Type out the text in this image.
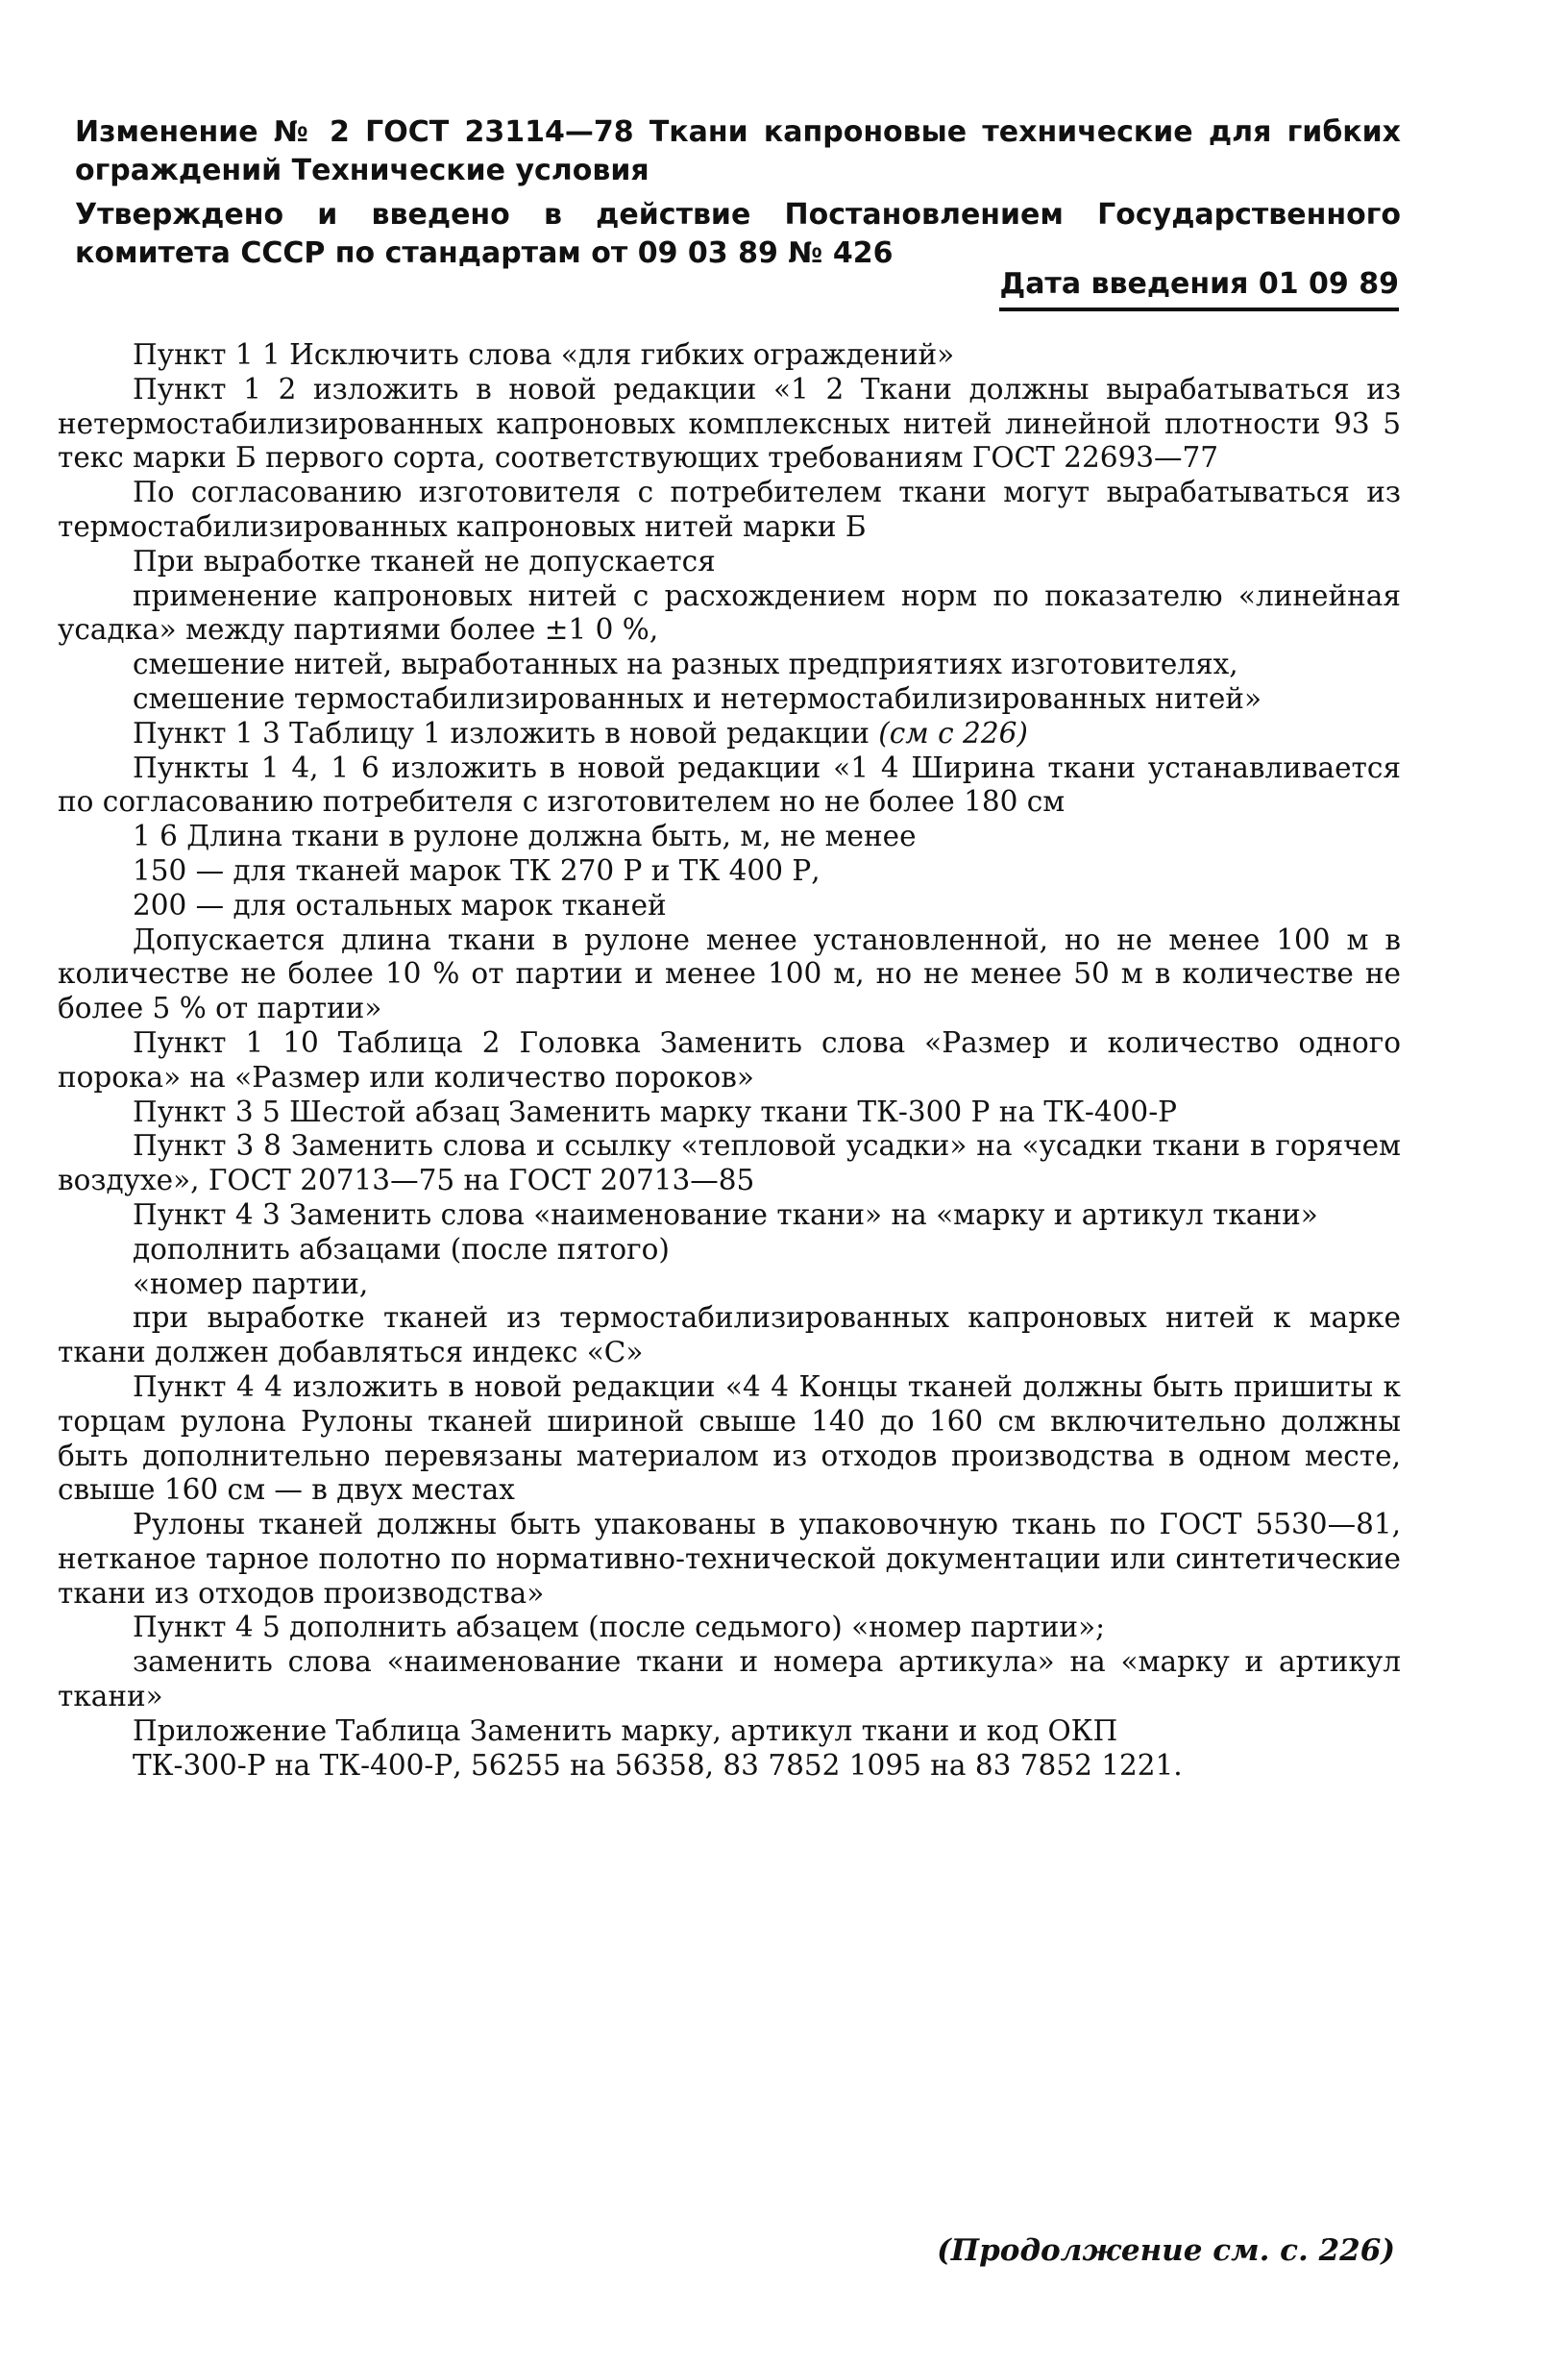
Изменение № 2 ГОСТ 23114—78 Ткани капроновые технические для гибких ограждений Технические условия
Утверждено и введено в действие Постановлением Государственного комитета СССР по стандартам от 09 03 89 № 426
Дата введения 01 09 89

Пункт 1 1 Исключить слова «для гибких ограждений»

Пункт 1 2 изложить в новой редакции «1 2 Ткани должны вырабатываться из нетермостабилизированных капроновых комплексных нитей линейной плотности 93 5 текс марки Б первого сорта, соответствующих требованиям ГОСТ 22693—77

По согласованию изготовителя с потребителем ткани могут вырабатываться из термостабилизированных капроновых нитей марки Б

При выработке тканей не допускается

применение капроновых нитей с расхождением норм по показателю «линейная усадка» между партиями более ±1 0 %,

смешение нитей, выработанных на разных предприятиях изготовителях,

смешение термостабилизированных и нетермостабилизированных нитей»

Пункт 1 3 Таблицу 1 изложить в новой редакции (см с 226)

Пункты 1 4, 1 6 изложить в новой редакции «1 4 Ширина ткани устанавливается по согласованию потребителя с изготовителем но не более 180 см

1 6 Длина ткани в рулоне должна быть, м, не менее

150 — для тканей марок ТК 270 Р и ТК 400 Р,

200 — для остальных марок тканей

Допускается длина ткани в рулоне менее установленной, но не менее 100 м в количестве не более 10 % от партии и менее 100 м, но не менее 50 м в количестве не более 5 % от партии»

Пункт 1 10 Таблица 2 Головка Заменить слова «Размер и количество одного порока» на «Размер или количество пороков»

Пункт 3 5 Шестой абзац Заменить марку ткани ТК-300 Р на ТК-400-Р

Пункт 3 8 Заменить слова и ссылку «тепловой усадки» на «усадки ткани в горячем воздухе», ГОСТ 20713—75 на ГОСТ 20713—85

Пункт 4 3 Заменить слова «наименование ткани» на «марку и артикул ткани»

дополнить абзацами (после пятого)

«номер партии,

при выработке тканей из термостабилизированных капроновых нитей к марке ткани должен добавляться индекс «С»

Пункт 4 4 изложить в новой редакции «4 4 Концы тканей должны быть пришиты к торцам рулона Рулоны тканей шириной свыше 140 до 160 см включительно должны быть дополнительно перевязаны материалом из отходов производства в одном месте, свыше 160 см — в двух местах

Рулоны тканей должны быть упакованы в упаковочную ткань по ГОСТ 5530—81, нетканое тарное полотно по нормативно-технической документации или синтетические ткани из отходов производства»

Пункт 4 5 дополнить абзацем (после седьмого) «номер партии»;

заменить слова «наименование ткани и номера артикула» на «марку и артикул ткани»

Приложение Таблица Заменить марку, артикул ткани и код ОКП

ТК-300-Р на ТК-400-Р, 56255 на 56358, 83 7852 1095 на 83 7852 1221.

(Продолжение см. с. 226)
